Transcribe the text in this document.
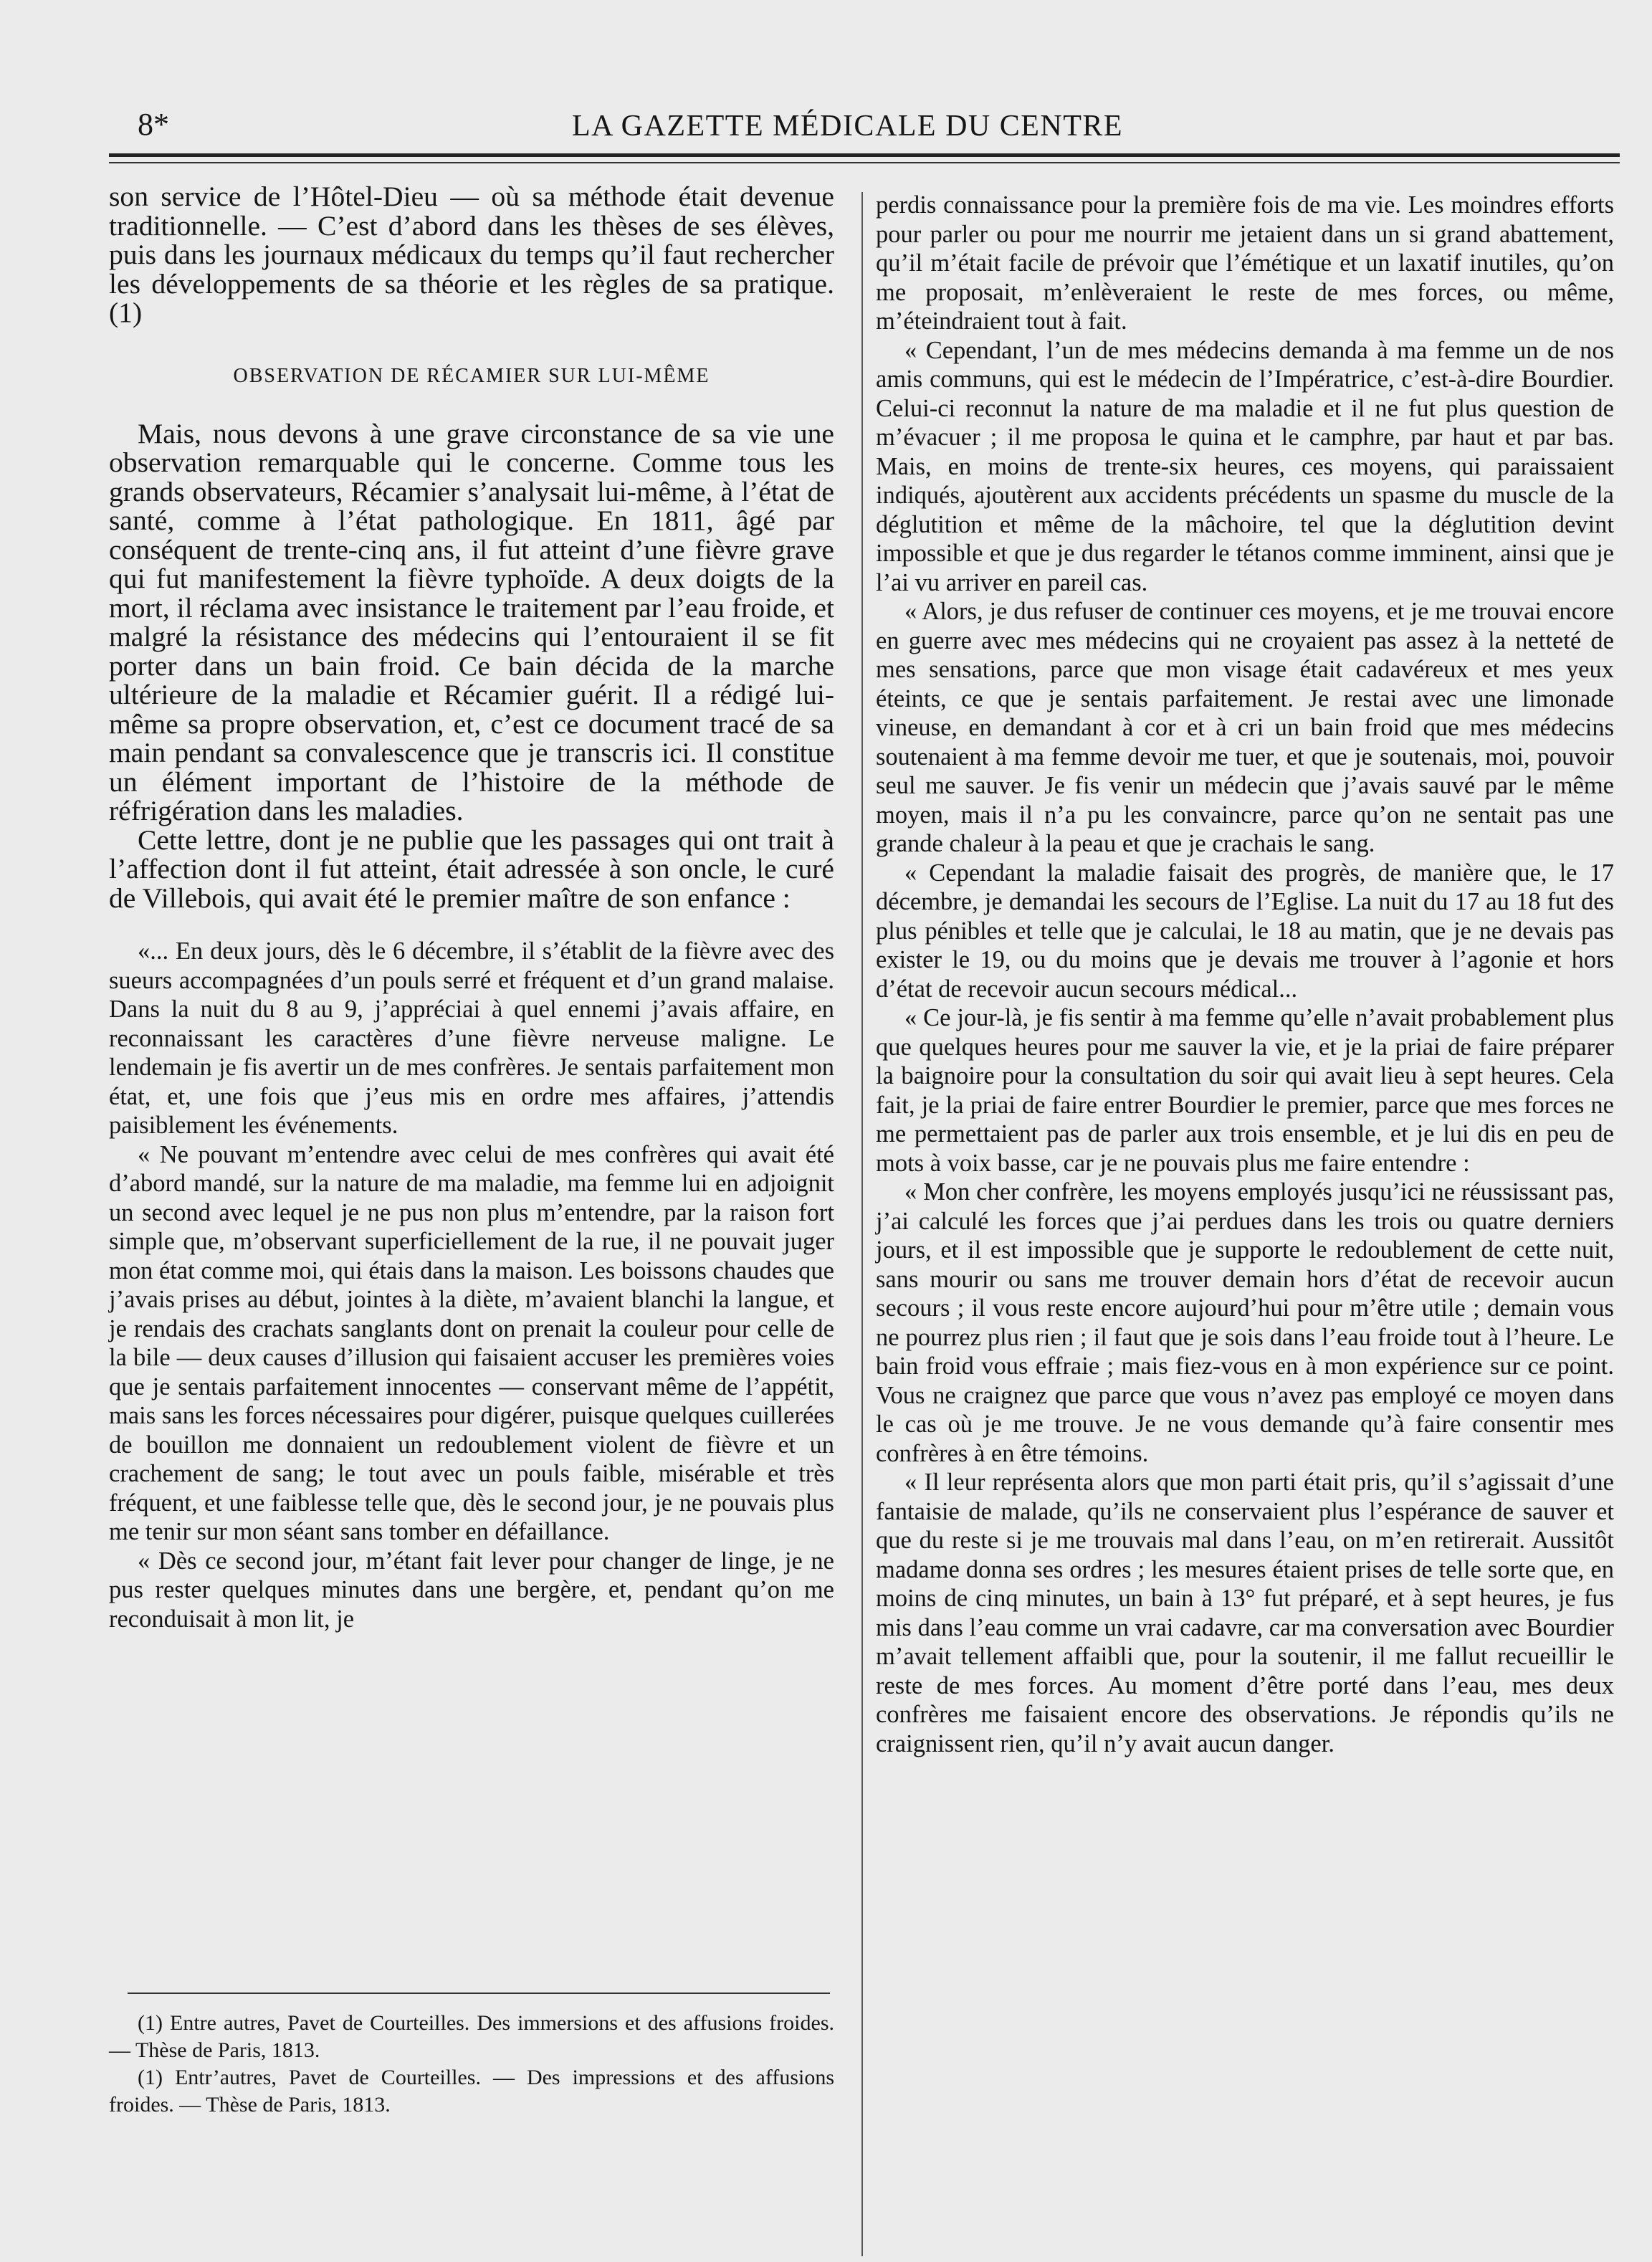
8*	LA GAZETTE MÉDICALE DU CENTRE

son service de l’Hôtel-Dieu — où sa méthode était devenue traditionnelle. — C’est d’abord dans les thèses de ses élèves, puis dans les journaux médicaux du temps qu’il faut rechercher les développements de sa théorie et les règles de sa pratique. (1)

OBSERVATION DE RÉCAMIER SUR LUI-MÊME

Mais, nous devons à une grave circonstance de sa vie une observation remarquable qui le concerne. Comme tous les grands observateurs, Récamier s’analysait lui-même, à l’état de santé, comme à l’état pathologique. En 1811, âgé par conséquent de trente-cinq ans, il fut atteint d’une fièvre grave qui fut manifestement la fièvre typhoïde. A deux doigts de la mort, il réclama avec insistance le traitement par l’eau froide, et malgré la résistance des médecins qui l’entouraient il se fit porter dans un bain froid. Ce bain décida de la marche ultérieure de la maladie et Récamier guérit. Il a rédigé lui-même sa propre observation, et, c’est ce document tracé de sa main pendant sa convalescence que je transcris ici. Il constitue un élément important de l’histoire de la méthode de réfrigération dans les maladies.

Cette lettre, dont je ne publie que les passages qui ont trait à l’affection dont il fut atteint, était adressée à son oncle, le curé de Villebois, qui avait été le premier maître de son enfance :

«... En deux jours, dès le 6 décembre, il s’établit de la fièvre avec des sueurs accompagnées d’un pouls serré et fréquent et d’un grand malaise. Dans la nuit du 8 au 9, j’appréciai à quel ennemi j’avais affaire, en reconnaissant les caractères d’une fièvre nerveuse maligne. Le lendemain je fis avertir un de mes confrères. Je sentais parfaitement mon état, et, une fois que j’eus mis en ordre mes affaires, j’attendis paisiblement les événements.

« Ne pouvant m’entendre avec celui de mes confrères qui avait été d’abord mandé, sur la nature de ma maladie, ma femme lui en adjoignit un second avec lequel je ne pus non plus m’entendre, par la raison fort simple que, m’observant superficiellement de la rue, il ne pouvait juger mon état comme moi, qui étais dans la maison. Les boissons chaudes que j’avais prises au début, jointes à la diète, m’avaient blanchi la langue, et je rendais des crachats sanglants dont on prenait la couleur pour celle de la bile — deux causes d’illusion qui faisaient accuser les premières voies que je sentais parfaitement innocentes — conservant même de l’appétit, mais sans les forces nécessaires pour digérer, puisque quelques cuillerées de bouillon me donnaient un redoublement violent de fièvre et un crachement de sang; le tout avec un pouls faible, misérable et très fréquent, et une faiblesse telle que, dès le second jour, je ne pouvais plus me tenir sur mon séant sans tomber en défaillance.

« Dès ce second jour, m’étant fait lever pour changer de linge, je ne pus rester quelques minutes dans une bergère, et, pendant qu’on me reconduisait à mon lit, je

(1) Entre autres, Pavet de Courteilles. Des immersions et des affusions froides. — Thèse de Paris, 1813.

(1) Entr’autres, Pavet de Courteilles. — Des impressions et des affusions froides. — Thèse de Paris, 1813.

perdis connaissance pour la première fois de ma vie. Les moindres efforts pour parler ou pour me nourrir me jetaient dans un si grand abattement, qu’il m’était facile de prévoir que l’émétique et un laxatif inutiles, qu’on me proposait, m’enlèveraient le reste de mes forces, ou même, m’éteindraient tout à fait.

« Cependant, l’un de mes médecins demanda à ma femme un de nos amis communs, qui est le médecin de l’Impératrice, c’est-à-dire Bourdier. Celui-ci reconnut la nature de ma maladie et il ne fut plus question de m’évacuer ; il me proposa le quina et le camphre, par haut et par bas. Mais, en moins de trente-six heures, ces moyens, qui paraissaient indiqués, ajoutèrent aux accidents précédents un spasme du muscle de la déglutition et même de la mâchoire, tel que la déglutition devint impossible et que je dus regarder le tétanos comme imminent, ainsi que je l’ai vu arriver en pareil cas.

« Alors, je dus refuser de continuer ces moyens, et je me trouvai encore en guerre avec mes médecins qui ne croyaient pas assez à la netteté de mes sensations, parce que mon visage était cadavéreux et mes yeux éteints, ce que je sentais parfaitement. Je restai avec une limonade vineuse, en demandant à cor et à cri un bain froid que mes médecins soutenaient à ma femme devoir me tuer, et que je soutenais, moi, pouvoir seul me sauver. Je fis venir un médecin que j’avais sauvé par le même moyen, mais il n’a pu les convaincre, parce qu’on ne sentait pas une grande chaleur à la peau et que je crachais le sang.

« Cependant la maladie faisait des progrès, de manière que, le 17 décembre, je demandai les secours de l’Eglise. La nuit du 17 au 18 fut des plus pénibles et telle que je calculai, le 18 au matin, que je ne devais pas exister le 19, ou du moins que je devais me trouver à l’agonie et hors d’état de recevoir aucun secours médical...

« Ce jour-là, je fis sentir à ma femme qu’elle n’avait probablement plus que quelques heures pour me sauver la vie, et je la priai de faire préparer la baignoire pour la consultation du soir qui avait lieu à sept heures. Cela fait, je la priai de faire entrer Bourdier le premier, parce que mes forces ne me permettaient pas de parler aux trois ensemble, et je lui dis en peu de mots à voix basse, car je ne pouvais plus me faire entendre :

« Mon cher confrère, les moyens employés jusqu’ici ne réussissant pas, j’ai calculé les forces que j’ai perdues dans les trois ou quatre derniers jours, et il est impossible que je supporte le redoublement de cette nuit, sans mourir ou sans me trouver demain hors d’état de recevoir aucun secours ; il vous reste encore aujourd’hui pour m’être utile ; demain vous ne pourrez plus rien ; il faut que je sois dans l’eau froide tout à l’heure. Le bain froid vous effraie ; mais fiez-vous en à mon expérience sur ce point. Vous ne craignez que parce que vous n’avez pas employé ce moyen dans le cas où je me trouve. Je ne vous demande qu’à faire consentir mes confrères à en être témoins.

« Il leur représenta alors que mon parti était pris, qu’il s’agissait d’une fantaisie de malade, qu’ils ne conservaient plus l’espérance de sauver et que du reste si je me trouvais mal dans l’eau, on m’en retirerait. Aussitôt madame donna ses ordres ; les mesures étaient prises de telle sorte que, en moins de cinq minutes, un bain à 13° fut préparé, et à sept heures, je fus mis dans l’eau comme un vrai cadavre, car ma conversation avec Bourdier m’avait tellement affaibli que, pour la soutenir, il me fallut recueillir le reste de mes forces. Au moment d’être porté dans l’eau, mes deux confrères me faisaient encore des observations. Je répondis qu’ils ne craignissent rien, qu’il n’y avait aucun danger.
